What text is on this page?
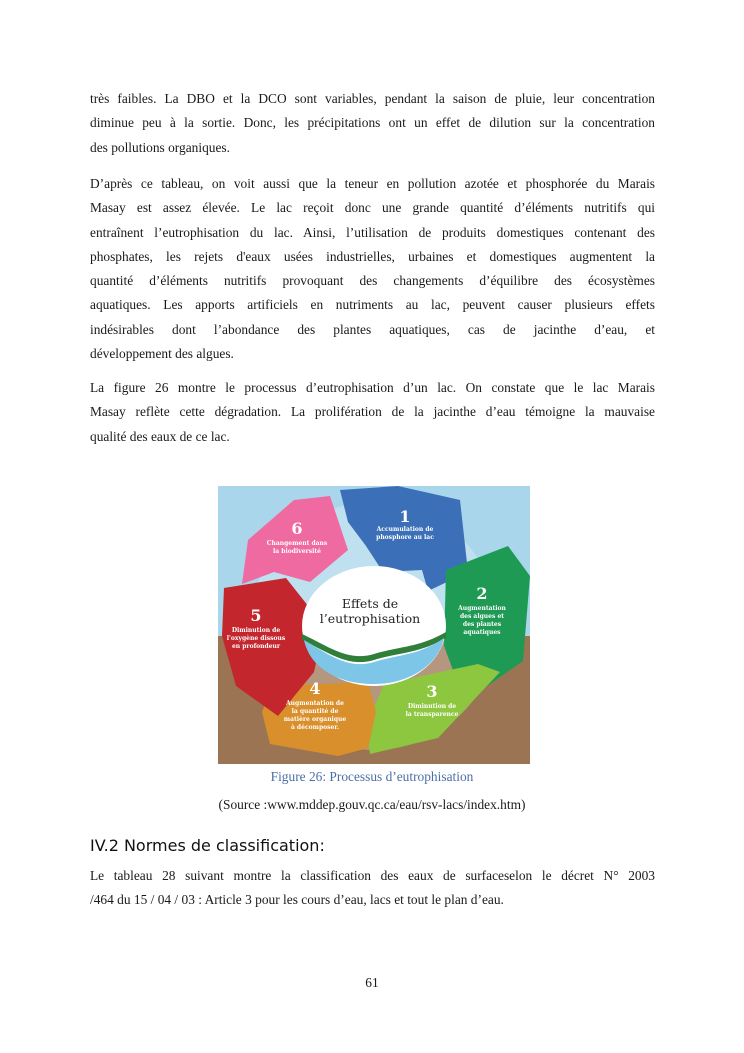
très faibles. La DBO et la DCO sont variables, pendant la saison de pluie, leur concentration
diminue peu à la sortie. Donc, les précipitations ont un effet de dilution sur la concentration
des pollutions organiques.
D’après ce tableau, on voit aussi que la teneur en pollution azotée et phosphorée du Marais
Masay est assez élevée. Le lac reçoit donc une grande quantité d’éléments nutritifs qui
entraînent l’eutrophisation du lac. Ainsi, l’utilisation de produits domestiques contenant des
phosphates, les rejets d'eaux usées industrielles, urbaines et domestiques augmentent la
quantité d’éléments nutritifs provoquant des changements d’équilibre des écosystèmes
aquatiques. Les apports artificiels en nutriments au lac, peuvent causer plusieurs effets
indésirables dont l’abondance des plantes aquatiques, cas de jacinthe d’eau, et
développement des algues.
La figure 26 montre le processus d’eutrophisation d’un lac. On constate que le lac Marais
Masay reflète cette dégradation. La prolifération de la jacinthe d’eau témoigne la mauvaise
qualité des eaux de ce lac.
Effets de
l’eutrophisation
1
Accumulation de
phosphore au lac
2
Augmentation
des algues et
des plantes
aquatiques
3
Diminution de
la transparence
4
Augmentation de
la quantité de
matière organique
à décomposer.
5
Diminution de
l'oxygène dissous
en profondeur
6
Changement dans
la biodiversité
Figure 26: Processus d’eutrophisation
(Source :www.mddep.gouv.qc.ca/eau/rsv-lacs/index.htm)
IV.2 Normes de classification:
Le tableau 28 suivant montre la classification des eaux de surfaceselon le décret N° 2003
/464 du 15 / 04 / 03 : Article 3 pour les cours d’eau, lacs et tout le plan d’eau.
61
